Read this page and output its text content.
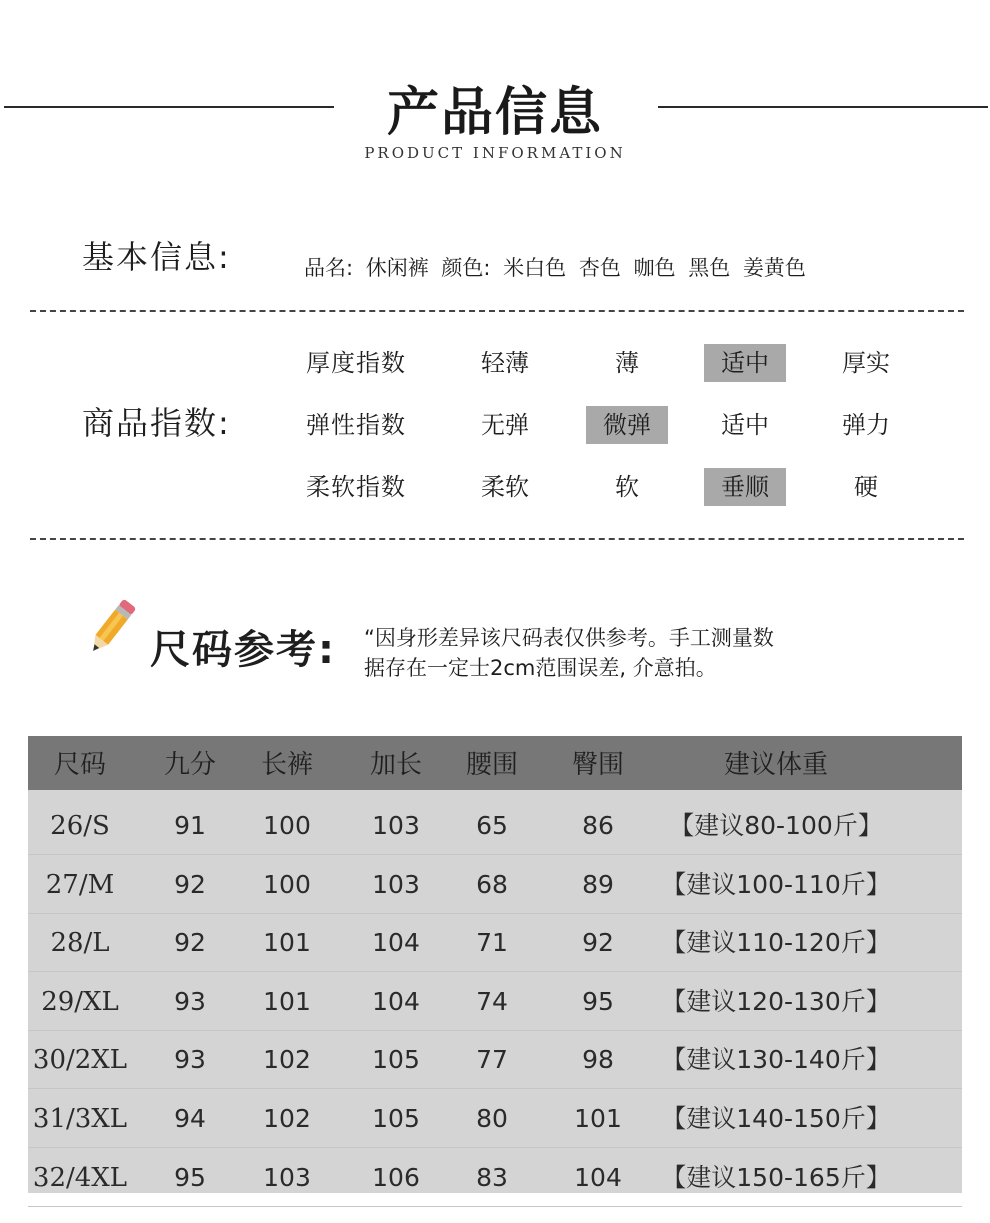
产品信息
PRODUCT INFORMATION
基本信息:	品名: 休闲裤 颜色: 米白色 杏色 咖色 黑色 姜黄色
商品指数:
厚度指数	轻薄	薄	适中	厚实
弹性指数	无弹	微弹	适中	弹力
柔软指数	柔软	软	垂顺	硬
尺码参考: “因身形差异该尺码表仅供参考。手工测量数
据存在一定士2cm范围误差, 介意拍。
尺码	九分	长裤	加长	腰围	臀围	建议体重
26/S	91	100	103	65	86	【建议80-100斤】
27/M	92	100	103	68	89	【建议100-110斤】
28/L	92	101	104	71	92	【建议110-120斤】
29/XL	93	101	104	74	95	【建议120-130斤】
30/2XL	93	102	105	77	98	【建议130-140斤】
31/3XL	94	102	105	80	101	【建议140-150斤】
32/4XL	95	103	106	83	104	【建议150-165斤】
